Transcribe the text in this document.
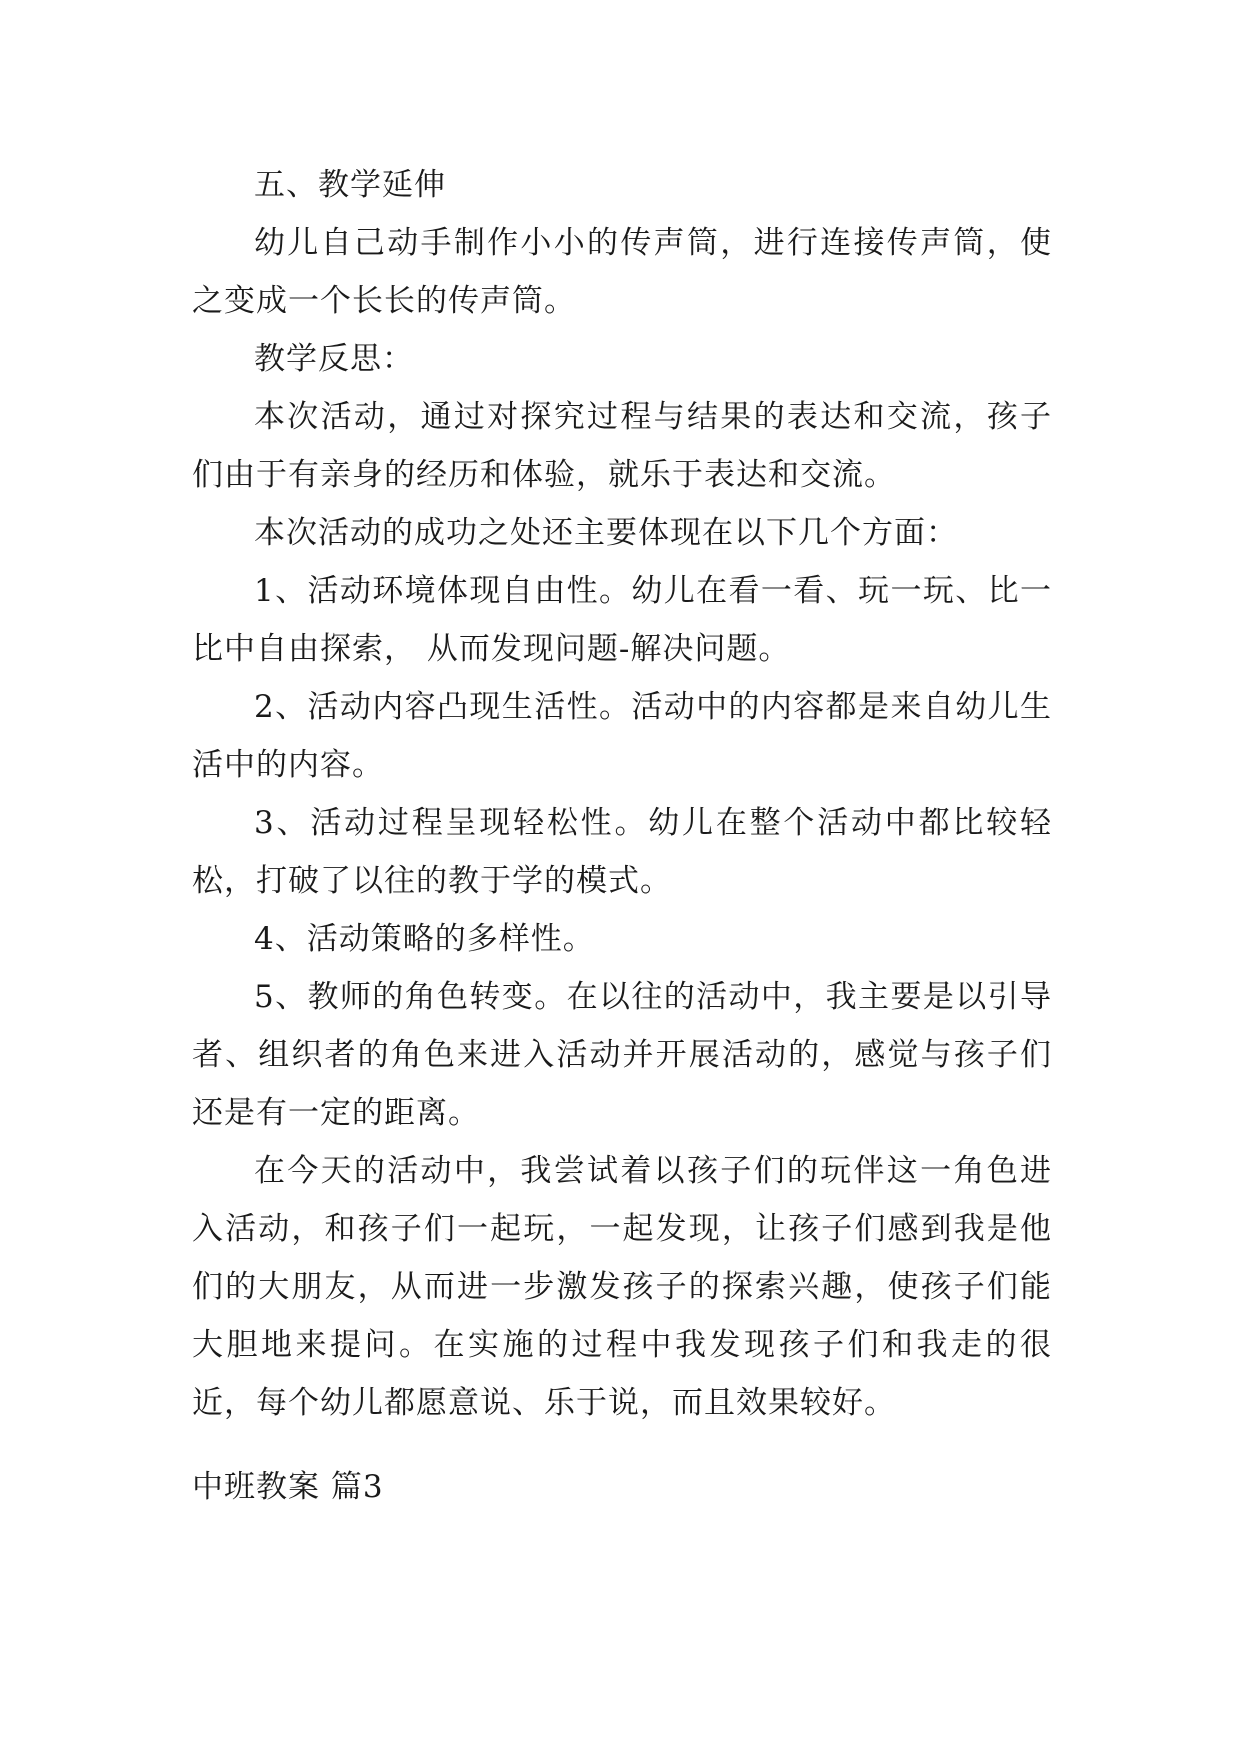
五、教学延伸

幼儿自己动手制作小小的传声筒，进行连接传声筒，使之变成一个长长的传声筒。

教学反思：

本次活动，通过对探究过程与结果的表达和交流，孩子们由于有亲身的经历和体验，就乐于表达和交流。

本次活动的成功之处还主要体现在以下几个方面：

1、活动环境体现自由性。幼儿在看一看、玩一玩、比一比中自由探索， 从而发现问题-解决问题。

2、活动内容凸现生活性。活动中的内容都是来自幼儿生活中的内容。

3、活动过程呈现轻松性。幼儿在整个活动中都比较轻松，打破了以往的教于学的模式。

4、活动策略的多样性。

5、教师的角色转变。在以往的活动中，我主要是以引导者、组织者的角色来进入活动并开展活动的，感觉与孩子们还是有一定的距离。

在今天的活动中，我尝试着以孩子们的玩伴这一角色进入活动，和孩子们一起玩，一起发现，让孩子们感到我是他们的大朋友，从而进一步激发孩子的探索兴趣，使孩子们能大胆地来提问。在实施的过程中我发现孩子们和我走的很近，每个幼儿都愿意说、乐于说，而且效果较好。

中班教案 篇3
